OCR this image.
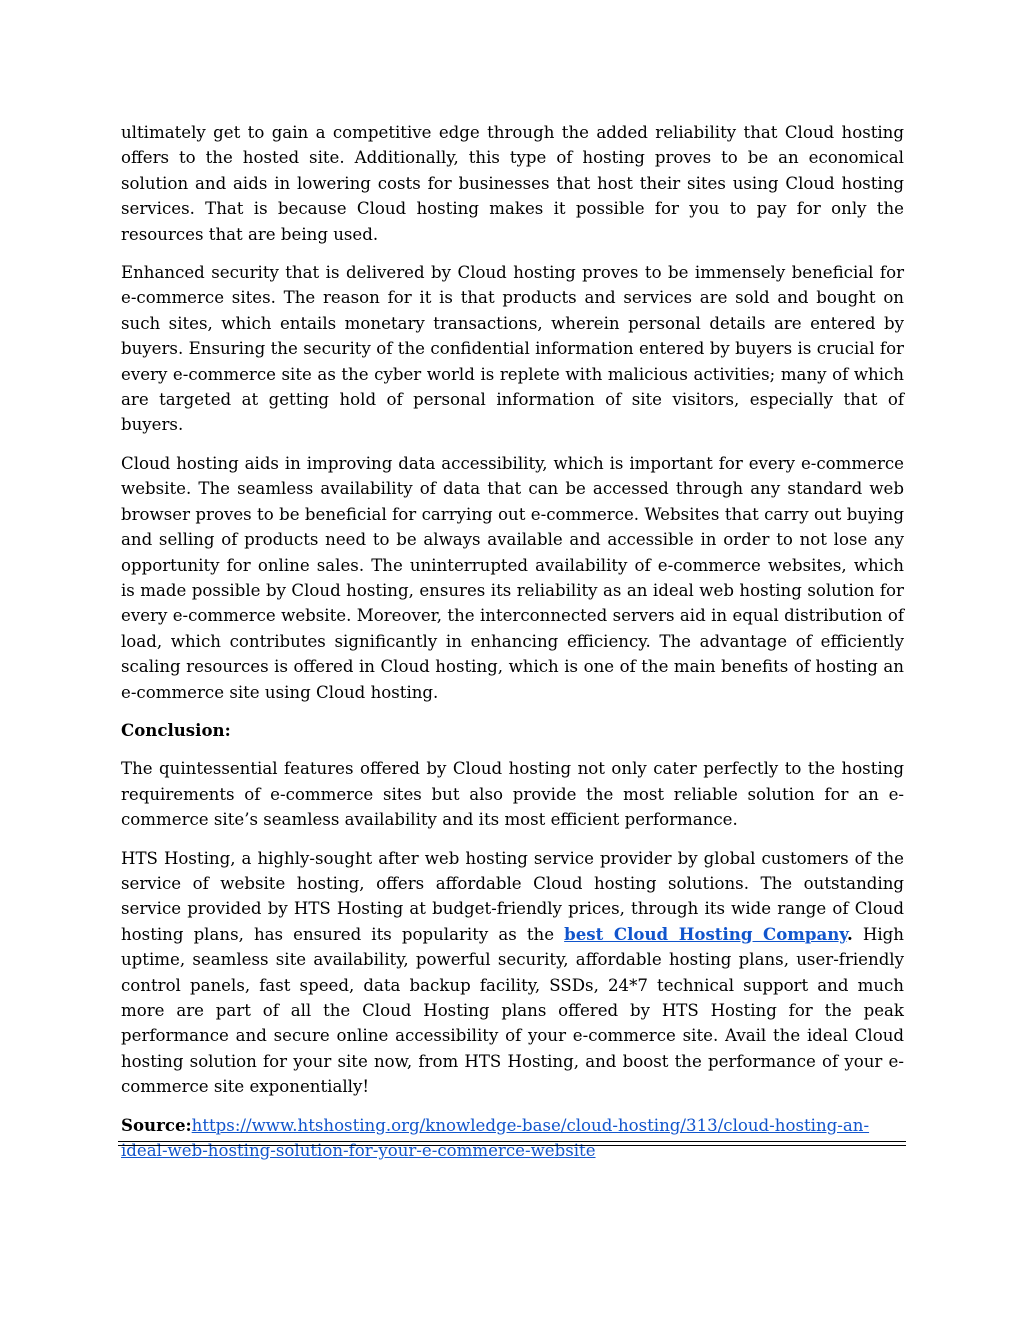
ultimately get to gain a competitive edge through the added reliability that Cloud hosting offers to the hosted site. Additionally, this type of hosting proves to be an economical solution and aids in lowering costs for businesses that host their sites using Cloud hosting services. That is because Cloud hosting makes it possible for you to pay for only the resources that are being used.

Enhanced security that is delivered by Cloud hosting proves to be immensely beneficial for e-commerce sites. The reason for it is that products and services are sold and bought on such sites, which entails monetary transactions, wherein personal details are entered by buyers. Ensuring the security of the confidential information entered by buyers is crucial for every e-commerce site as the cyber world is replete with malicious activities; many of which are targeted at getting hold of personal information of site visitors, especially that of buyers.

Cloud hosting aids in improving data accessibility, which is important for every e-commerce website. The seamless availability of data that can be accessed through any standard web browser proves to be beneficial for carrying out e-commerce. Websites that carry out buying and selling of products need to be always available and accessible in order to not lose any opportunity for online sales. The uninterrupted availability of e-commerce websites, which is made possible by Cloud hosting, ensures its reliability as an ideal web hosting solution for every e-commerce website. Moreover, the interconnected servers aid in equal distribution of load, which contributes significantly in enhancing efficiency. The advantage of efficiently scaling resources is offered in Cloud hosting, which is one of the main benefits of hosting an e-commerce site using Cloud hosting.

Conclusion:

The quintessential features offered by Cloud hosting not only cater perfectly to the hosting requirements of e-commerce sites but also provide the most reliable solution for an e-commerce site’s seamless availability and its most efficient performance.

HTS Hosting, a highly-sought after web hosting service provider by global customers of the service of website hosting, offers affordable Cloud hosting solutions. The outstanding service provided by HTS Hosting at budget-friendly prices, through its wide range of Cloud hosting plans, has ensured its popularity as the best Cloud Hosting Company. High uptime, seamless site availability, powerful security, affordable hosting plans, user-friendly control panels, fast speed, data backup facility, SSDs, 24*7 technical support and much more are part of all the Cloud Hosting plans offered by HTS Hosting for the peak performance and secure online accessibility of your e-commerce site. Avail the ideal Cloud hosting solution for your site now, from HTS Hosting, and boost the performance of your e-commerce site exponentially!

Source:https://www.htshosting.org/knowledge-base/cloud-hosting/313/cloud-hosting-an-ideal-web-hosting-solution-for-your-e-commerce-website
